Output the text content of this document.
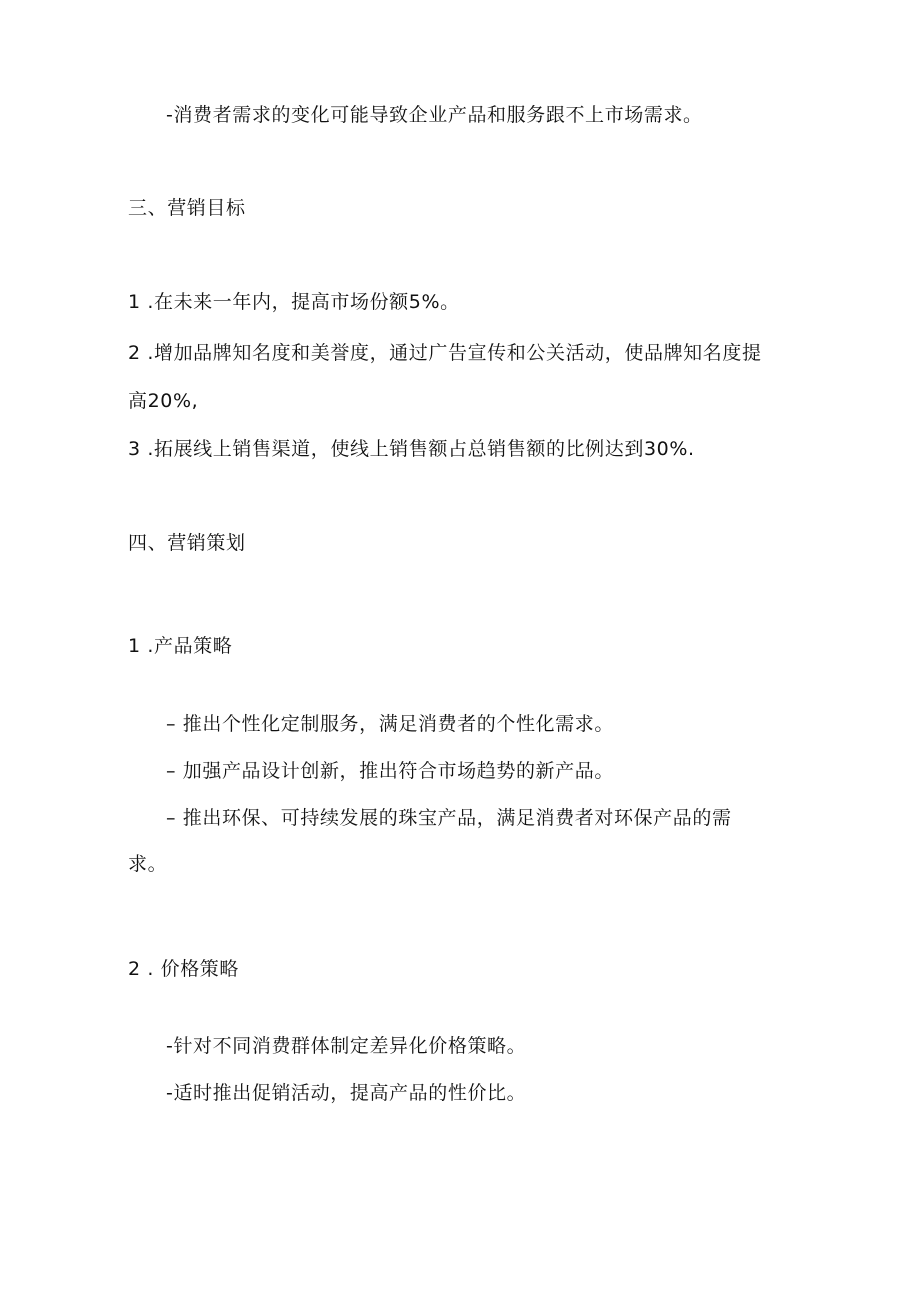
-消费者需求的变化可能导致企业产品和服务跟不上市场需求。
三、营销目标
1 .在未来一年内，提高市场份额5%。
2 .增加品牌知名度和美誉度，通过广告宣传和公关活动，使品牌知名度提
高20%,
3 .拓展线上销售渠道，使线上销售额占总销售额的比例达到30%.
四、营销策划
1 .产品策略
– 推出个性化定制服务，满足消费者的个性化需求。
– 加强产品设计创新，推出符合市场趋势的新产品。
– 推出环保、可持续发展的珠宝产品，满足消费者对环保产品的需
求。
2 . 价格策略
-针对不同消费群体制定差异化价格策略。
-适时推出促销活动，提高产品的性价比。
